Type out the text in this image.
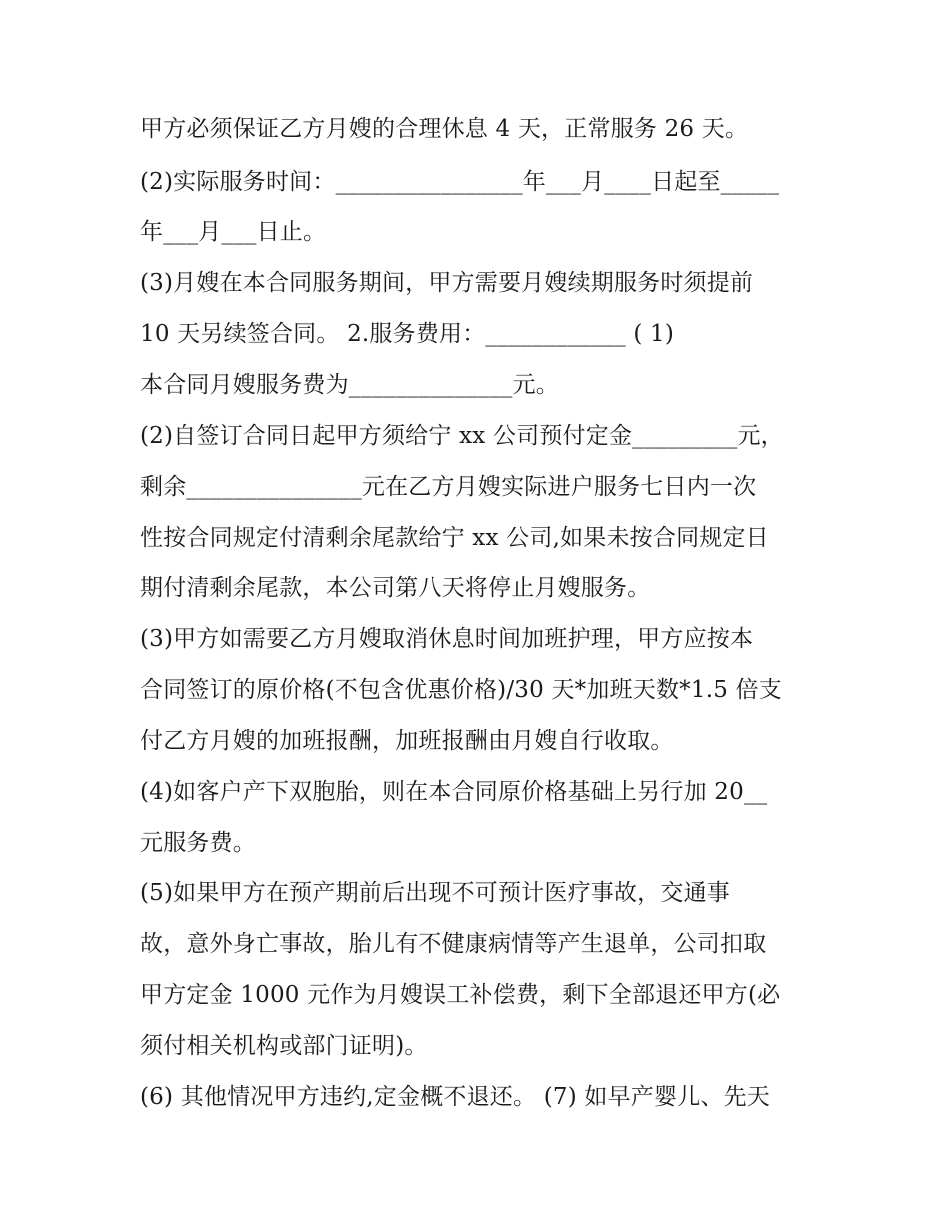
甲方必须保证乙方月嫂的合理休息 4 天，正常服务 26 天。
(2)实际服务时间：________________年___月____日起至_____
年___月___日止。
(3)月嫂在本合同服务期间，甲方需要月嫂续期服务时须提前
10 天另续签合同。 2.服务费用：____________ ( 1)
本合同月嫂服务费为______________元。
(2)自签订合同日起甲方须给宁 xx 公司预付定金_________元，
剩余_______________元在乙方月嫂实际进户服务七日内一次
性按合同规定付清剩余尾款给宁 xx 公司,如果未按合同规定日
期付清剩余尾款，本公司第八天将停止月嫂服务。
(3)甲方如需要乙方月嫂取消休息时间加班护理，甲方应按本
合同签订的原价格(不包含优惠价格)/30 天*加班天数*1.5 倍支
付乙方月嫂的加班报酬，加班报酬由月嫂自行收取。
(4)如客户产下双胞胎，则在本合同原价格基础上另行加 20__
元服务费。
(5)如果甲方在预产期前后出现不可预计医疗事故，交通事
故，意外身亡事故，胎儿有不健康病情等产生退单，公司扣取
甲方定金 1000 元作为月嫂误工补偿费，剩下全部退还甲方(必
须付相关机构或部门证明)。
(6) 其他情况甲方违约,定金概不退还。 (7) 如早产婴儿、先天
